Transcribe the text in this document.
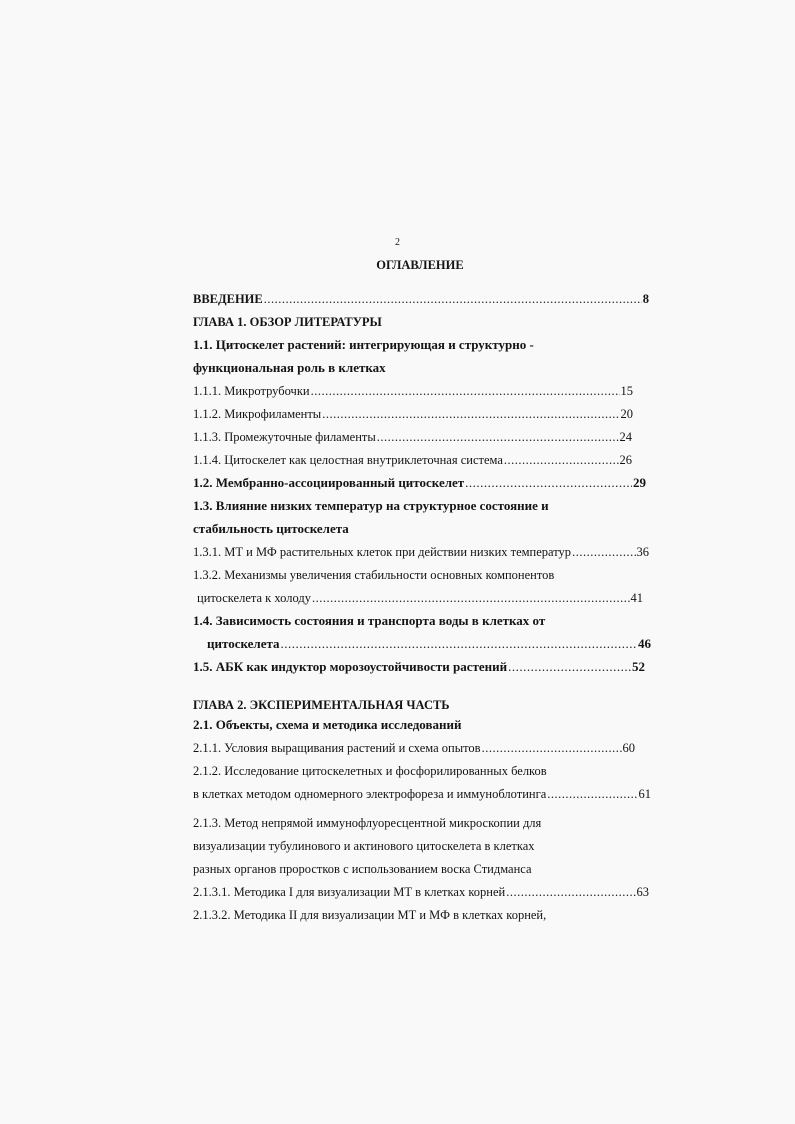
2
ОГЛАВЛЕНИЕ
ВВЕДЕНИЕ .....	8
ГЛАВА 1. ОБЗОР ЛИТЕРАТУРЫ
1.1. Цитоскелет растений: интегрирующая и структурно -
функциональная роль в клетках
1.1.1. Микротрубочки .....	15
1.1.2. Микрофиламенты .....	20
1.1.3. Промежуточные филаменты .....	24
1.1.4. Цитоскелет как целостная внутриклеточная система .....	26
1.2. Мембранно-ассоциированный цитоскелет .....	29
1.3. Влияние низких температур на структурное состояние и
стабильность цитоскелета
1.3.1. МТ и МФ растительных клеток при действии низких температур .....	36
1.3.2. Механизмы увеличения стабильности основных компонентов
цитоскелета к холоду .....	41
1.4. Зависимость состояния и транспорта воды в клетках от
цитоскелета .....	46
1.5. АБК как индуктор морозоустойчивости растений .....	52
ГЛАВА 2. ЭКСПЕРИМЕНТАЛЬНАЯ ЧАСТЬ
2.1. Объекты, схема и методика исследований
2.1.1. Условия выращивания растений и схема опытов .....	60
2.1.2. Исследование цитоскелетных и фосфорилированных белков
в клетках методом одномерного электрофореза и иммуноблотинга .....	61
2.1.3. Метод непрямой иммунофлуоресцентной микроскопии для
визуализации тубулинового и актинового цитоскелета в клетках
разных органов проростков с использованием воска Стидманса
2.1.3.1. Методика I для визуализации МТ в клетках корней .....	63
2.1.3.2. Методика II для визуализации МТ и МФ в клетках корней,
